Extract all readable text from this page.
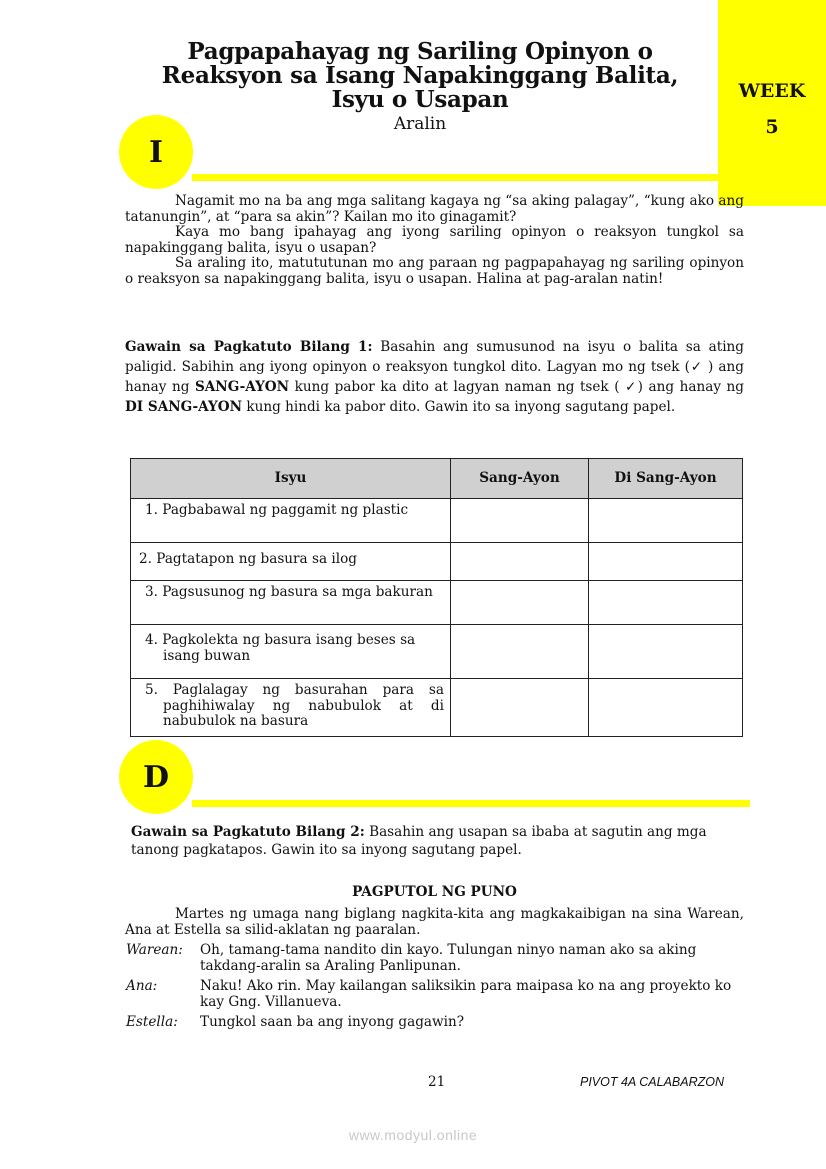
Pagpapahayag ng Sariling Opinyon o Reaksyon sa Isang Napakinggang Balita, Isyu o Usapan
Aralin
WEEK
5
I

Nagamit mo na ba ang mga salitang kagaya ng “sa aking palagay”, “kung ako ang tatanungin”, at “para sa akin”? Kailan mo ito ginagamit?

Kaya mo bang ipahayag ang iyong sariling opinyon o reaksyon tungkol sa napakinggang balita, isyu o usapan?

Sa araling ito, matututunan mo ang paraan ng pagpapahayag ng sariling opinyon o reaksyon sa napakinggang balita, isyu o usapan. Halina at pag-aralan natin!

Gawain sa Pagkatuto Bilang 1: Basahin ang sumusunod na isyu o balita sa ating paligid. Sabihin ang iyong opinyon o reaksyon tungkol dito. Lagyan mo ng tsek (✓ ) ang hanay ng SANG-AYON kung pabor ka dito at lagyan naman ng tsek ( ✓) ang hanay ng DI SANG-AYON kung hindi ka pabor dito. Gawin ito sa inyong sagutang papel.

Isyu	Sang-Ayon	Di Sang-Ayon

1. Pagbabawal ng paggamit ng plastic		

2. Pagtatapon ng basura sa ilog		

3. Pagsusunog ng basura sa mga bakuran		

4. Pagkolekta ng basura isang beses sa isang buwan		

5. Paglalagay ng basurahan para sa paghihiwalay ng nabubulok at di nabubulok na basura		

D

Gawain sa Pagkatuto Bilang 2: Basahin ang usapan sa ibaba at sagutin ang mga tanong pagkatapos. Gawin ito sa inyong sagutang papel.

PAGPUTOL NG PUNO

Martes ng umaga nang biglang nagkita-kita ang magkakaibigan na sina Warean, Ana at Estella sa silid-aklatan ng paaralan.

Warean:	Oh, tamang-tama nandito din kayo. Tulungan ninyo naman ako sa aking takdang-aralin sa Araling Panlipunan.
Ana:	Naku! Ako rin. May kailangan saliksikin para maipasa ko na ang proyekto ko kay Gng. Villanueva.
Estella:	Tungkol saan ba ang inyong gagawin?
21	PIVOT 4A CALABARZON
www.modyul.online
